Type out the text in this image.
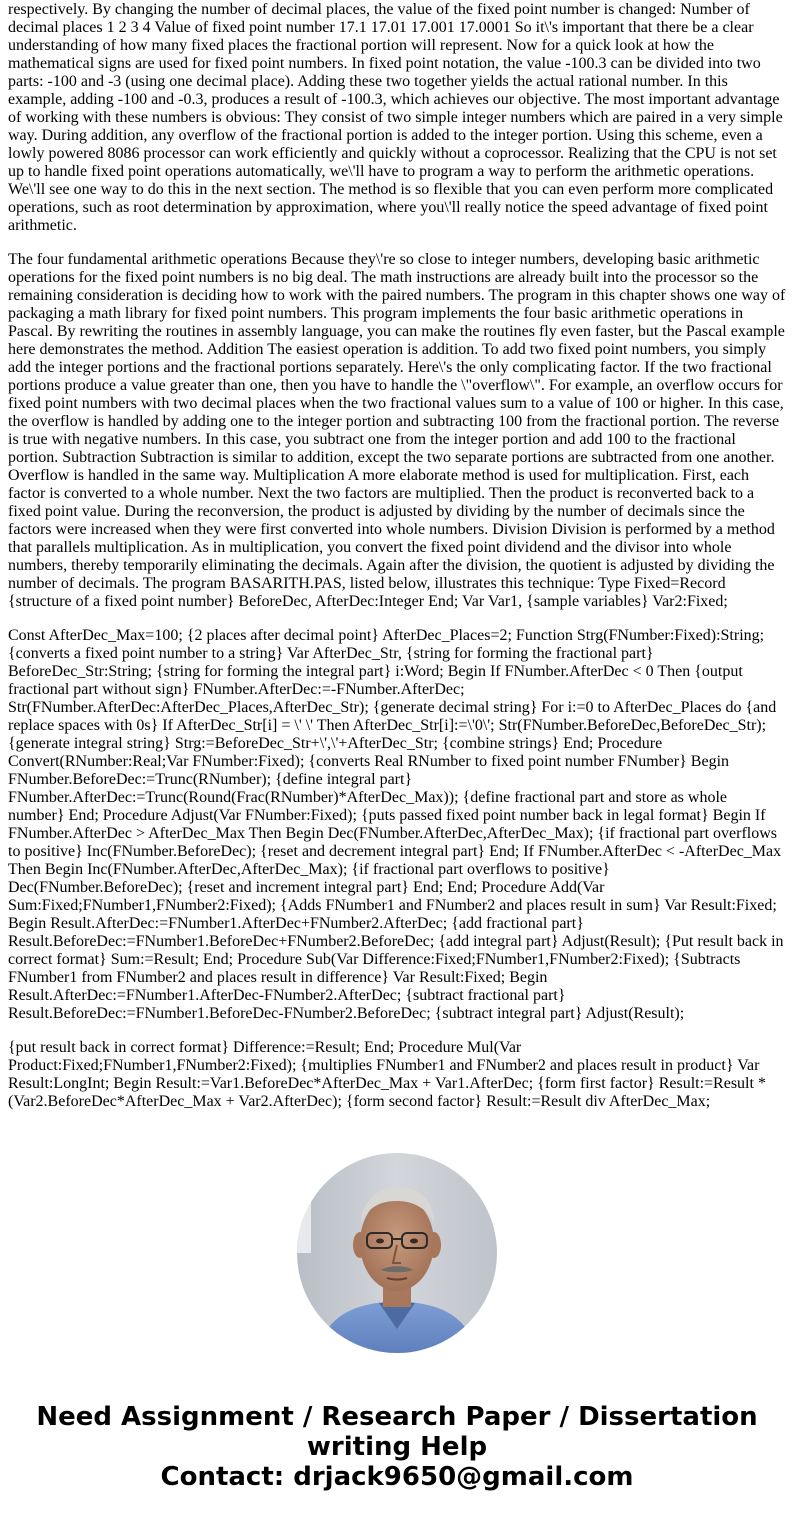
respectively. By changing the number of decimal places, the value of the fixed point number is changed: Number of decimal places 1 2 3 4 Value of fixed point number 17.1 17.01 17.001 17.0001 So it\'s important that there be a clear understanding of how many fixed places the fractional portion will represent. Now for a quick look at how the mathematical signs are used for fixed point numbers. In fixed point notation, the value -100.3 can be divided into two parts: -100 and -3 (using one decimal place). Adding these two together yields the actual rational number. In this example, adding -100 and -0.3, produces a result of -100.3, which achieves our objective. The most important advantage of working with these numbers is obvious: They consist of two simple integer numbers which are paired in a very simple way. During addition, any overflow of the fractional portion is added to the integer portion. Using this scheme, even a lowly powered 8086 processor can work efficiently and quickly without a coprocessor. Realizing that the CPU is not set up to handle fixed point operations automatically, we\'ll have to program a way to perform the arithmetic operations. We\'ll see one way to do this in the next section. The method is so flexible that you can even perform more complicated operations, such as root determination by approximation, where you\'ll really notice the speed advantage of fixed point arithmetic.

The four fundamental arithmetic operations Because they\'re so close to integer numbers, developing basic arithmetic operations for the fixed point numbers is no big deal. The math instructions are already built into the processor so the remaining consideration is deciding how to work with the paired numbers. The program in this chapter shows one way of packaging a math library for fixed point numbers. This program implements the four basic arithmetic operations in Pascal. By rewriting the routines in assembly language, you can make the routines fly even faster, but the Pascal example here demonstrates the method. Addition The easiest operation is addition. To add two fixed point numbers, you simply add the integer portions and the fractional portions separately. Here\'s the only complicating factor. If the two fractional portions produce a value greater than one, then you have to handle the \"overflow\". For example, an overflow occurs for fixed point numbers with two decimal places when the two fractional values sum to a value of 100 or higher. In this case, the overflow is handled by adding one to the integer portion and subtracting 100 from the fractional portion. The reverse is true with negative numbers. In this case, you subtract one from the integer portion and add 100 to the fractional portion. Subtraction Subtraction is similar to addition, except the two separate portions are subtracted from one another. Overflow is handled in the same way. Multiplication A more elaborate method is used for multiplication. First, each factor is converted to a whole number. Next the two factors are multiplied. Then the product is reconverted back to a fixed point value. During the reconversion, the product is adjusted by dividing by the number of decimals since the factors were increased when they were first converted into whole numbers. Division Division is performed by a method that parallels multiplication. As in multiplication, you convert the fixed point dividend and the divisor into whole numbers, thereby temporarily eliminating the decimals. Again after the division, the quotient is adjusted by dividing the number of decimals. The program BASARITH.PAS, listed below, illustrates this technique: Type Fixed=Record {structure of a fixed point number} BeforeDec, AfterDec:Integer End; Var Var1, {sample variables} Var2:Fixed;

Const AfterDec_Max=100; {2 places after decimal point} AfterDec_Places=2; Function Strg(FNumber:Fixed):String; {converts a fixed point number to a string} Var AfterDec_Str, {string for forming the fractional part} BeforeDec_Str:String; {string for forming the integral part} i:Word; Begin If FNumber.AfterDec < 0 Then {output fractional part without sign} FNumber.AfterDec:=-FNumber.AfterDec; Str(FNumber.AfterDec:AfterDec_Places,AfterDec_Str); {generate decimal string} For i:=0 to AfterDec_Places do {and replace spaces with 0s} If AfterDec_Str[i] = \' \' Then AfterDec_Str[i]:=\'0\'; Str(FNumber.BeforeDec,BeforeDec_Str); {generate integral string} Strg:=BeforeDec_Str+\',\'+AfterDec_Str; {combine strings} End; Procedure Convert(RNumber:Real;Var FNumber:Fixed); {converts Real RNumber to fixed point number FNumber} Begin FNumber.BeforeDec:=Trunc(RNumber); {define integral part} FNumber.AfterDec:=Trunc(Round(Frac(RNumber)*AfterDec_Max)); {define fractional part and store as whole number} End; Procedure Adjust(Var FNumber:Fixed); {puts passed fixed point number back in legal format} Begin If FNumber.AfterDec > AfterDec_Max Then Begin Dec(FNumber.AfterDec,AfterDec_Max); {if fractional part overflows to positive} Inc(FNumber.BeforeDec); {reset and decrement integral part} End; If FNumber.AfterDec < -AfterDec_Max Then Begin Inc(FNumber.AfterDec,AfterDec_Max); {if fractional part overflows to positive} Dec(FNumber.BeforeDec); {reset and increment integral part} End; End; Procedure Add(Var Sum:Fixed;FNumber1,FNumber2:Fixed); {Adds FNumber1 and FNumber2 and places result in sum} Var Result:Fixed; Begin Result.AfterDec:=FNumber1.AfterDec+FNumber2.AfterDec; {add fractional part} Result.BeforeDec:=FNumber1.BeforeDec+FNumber2.BeforeDec; {add integral part} Adjust(Result); {Put result back in correct format} Sum:=Result; End; Procedure Sub(Var Difference:Fixed;FNumber1,FNumber2:Fixed); {Subtracts FNumber1 from FNumber2 and places result in difference} Var Result:Fixed; Begin Result.AfterDec:=FNumber1.AfterDec-FNumber2.AfterDec; {subtract fractional part} Result.BeforeDec:=FNumber1.BeforeDec-FNumber2.BeforeDec; {subtract integral part} Adjust(Result);

{put result back in correct format} Difference:=Result; End; Procedure Mul(Var Product:Fixed;FNumber1,FNumber2:Fixed); {multiplies FNumber1 and FNumber2 and places result in product} Var Result:LongInt; Begin Result:=Var1.BeforeDec*AfterDec_Max + Var1.AfterDec; {form first factor} Result:=Result * (Var2.BeforeDec*AfterDec_Max + Var2.AfterDec); {form second factor} Result:=Result div AfterDec_Max;

Need Assignment / Research Paper / Dissertation
writing Help
Contact: drjack9650@gmail.com
